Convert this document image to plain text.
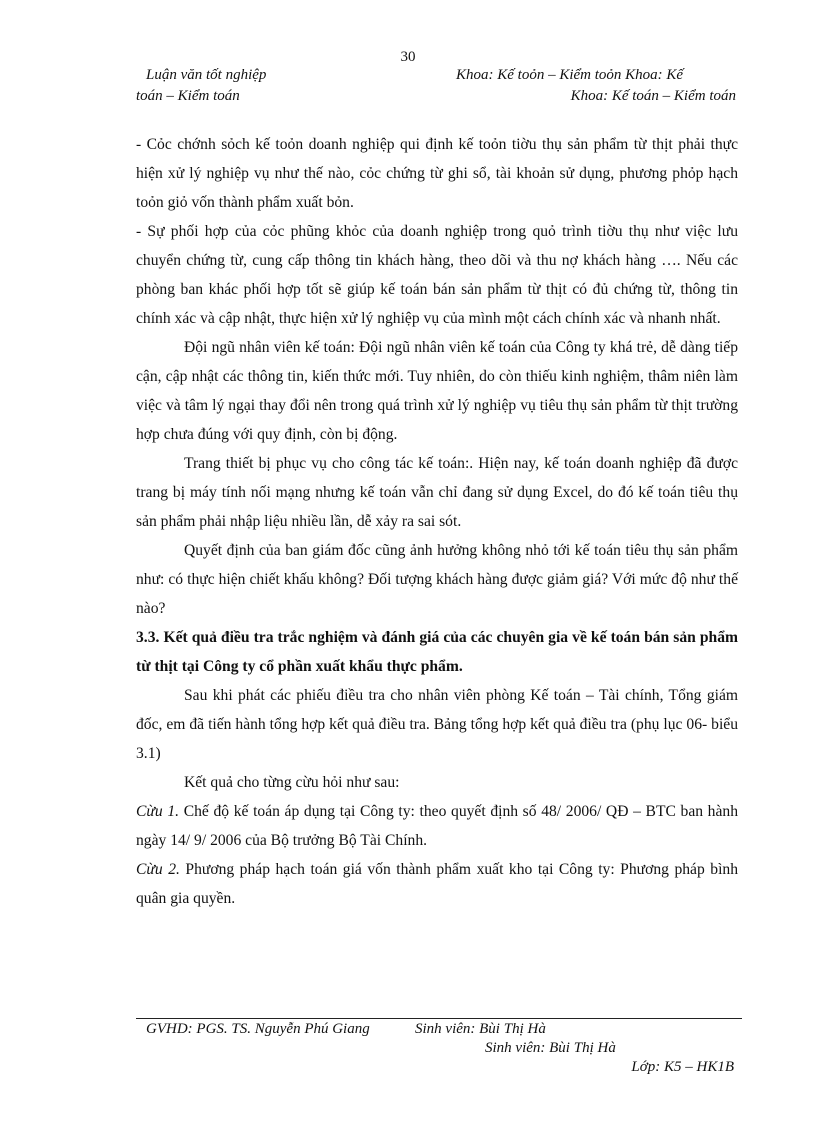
30
Luận văn tốt nghiệp	Khoa: Kế toỏn – Kiểm toỏn Khoa: Kế
toán – Kiểm toán	Khoa: Kế toán – Kiểm toán

- Cỏc chớnh sỏch kế toỏn doanh nghiệp qui định kế toỏn tiờu thụ sản phẩm từ thịt phải thực hiện xử lý nghiệp vụ như thế nào, cỏc chứng từ ghi sổ, tài khoản sử dụng, phương phỏp hạch toỏn giỏ vốn thành phẩm xuất bỏn.

- Sự phối hợp của cỏc phũng khỏc của doanh nghiệp trong quỏ trình tiờu thụ như việc lưu chuyển chứng từ, cung cấp thông tin khách hàng, theo dõi và thu nợ khách hàng …. Nếu các phòng ban khác phối hợp tốt sẽ giúp kế toán bán sản phẩm từ thịt có đủ chứng từ, thông tin chính xác và cập nhật, thực hiện xử lý nghiệp vụ của mình một cách chính xác và nhanh nhất.

Đội ngũ nhân viên kế toán: Đội ngũ nhân viên kế toán của Công ty khá trẻ, dễ dàng tiếp cận, cập nhật các thông tin, kiến thức mới. Tuy nhiên, do còn thiếu kinh nghiệm, thâm niên làm việc và tâm lý ngại thay đổi nên trong quá trình xử lý nghiệp vụ tiêu thụ sản phẩm từ thịt trường hợp chưa đúng với quy định, còn bị động.

Trang thiết bị phục vụ cho công tác kế toán:. Hiện nay, kế toán doanh nghiệp đã được trang bị máy tính nối mạng nhưng kế toán vẫn chỉ đang sử dụng Excel, do đó kế toán tiêu thụ sản phẩm phải nhập liệu nhiều lần, dễ xảy ra sai sót.

Quyết định của ban giám đốc cũng ảnh hưởng không nhỏ tới kế toán tiêu thụ sản phẩm như: có thực hiện chiết khấu không? Đối tượng khách hàng được giảm giá? Với mức độ như thế nào?

3.3. Kết quả điều tra trắc nghiệm và đánh giá của các chuyên gia về kế toán bán sản phẩm từ thịt tại Công ty cổ phần xuất khẩu thực phẩm.

Sau khi phát các phiếu điều tra cho nhân viên phòng Kế toán – Tài chính, Tổng giám đốc, em đã tiến hành tổng hợp kết quả điều tra. Bảng tổng hợp kết quả điều tra (phụ lục 06- biểu 3.1)

Kết quả cho từng cừu hỏi như sau:

Cừu 1. Chế độ kế toán áp dụng tại Công ty: theo quyết định số 48/ 2006/ QĐ – BTC ban hành ngày 14/ 9/ 2006 của Bộ trưởng Bộ Tài Chính.

Cừu 2. Phương pháp hạch toán giá vốn thành phẩm xuất kho tại Công ty: Phương pháp bình quân gia quyền.

GVHD: PGS. TS. Nguyễn Phú Giang	Sinh viên: Bùi Thị Hà
Sinh viên: Bùi Thị Hà
Lớp: K5 – HK1B
